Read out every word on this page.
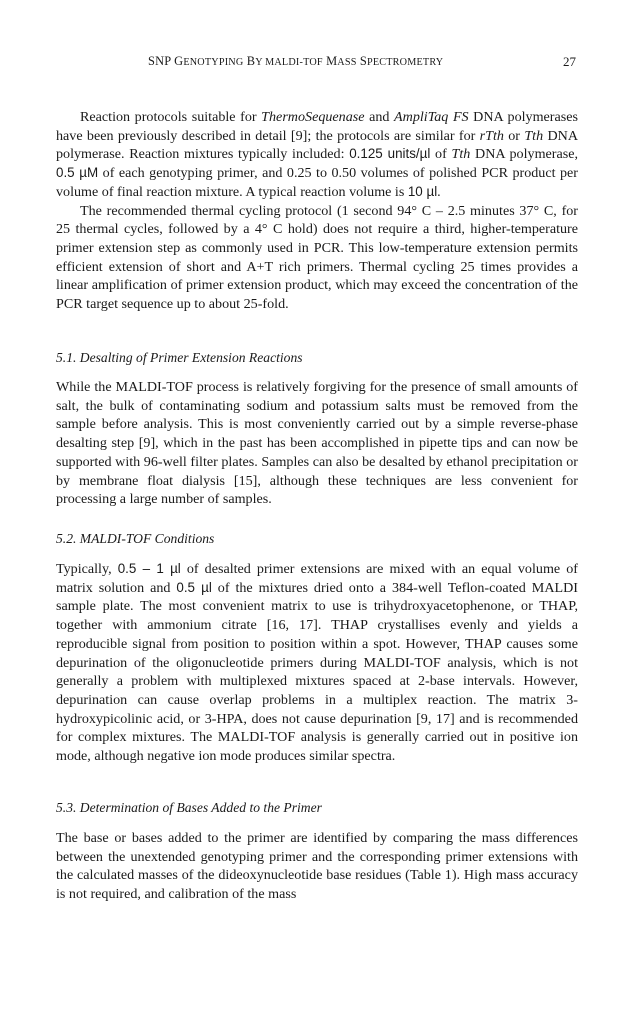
SNP GENOTYPING BY MALDI-TOF MASS SPECTROMETRY	27

Reaction protocols suitable for ThermoSequenase and AmpliTaq FS DNA polymerases have been previously described in detail [9]; the protocols are similar for rTth or Tth DNA polymerase. Reaction mixtures typically included: 0.125 units/µl of Tth DNA polymerase, 0.5 µM of each genotyping primer, and 0.25 to 0.50 volumes of polished PCR product per volume of final reaction mixture. A typical reaction volume is 10 µl.

The recommended thermal cycling protocol (1 second 94° C – 2.5 minutes 37° C, for 25 thermal cycles, followed by a 4° C hold) does not require a third, higher-temperature primer extension step as commonly used in PCR. This low-temperature extension permits efficient extension of short and A+T rich primers. Thermal cycling 25 times provides a linear amplification of primer extension product, which may exceed the concentration of the PCR target sequence up to about 25-fold.

5.1. Desalting of Primer Extension Reactions

While the MALDI-TOF process is relatively forgiving for the presence of small amounts of salt, the bulk of contaminating sodium and potassium salts must be removed from the sample before analysis. This is most conveniently carried out by a simple reverse-phase desalting step [9], which in the past has been accomplished in pipette tips and can now be supported with 96-well filter plates. Samples can also be desalted by ethanol precipitation or by membrane float dialysis [15], although these techniques are less convenient for processing a large number of samples.

5.2. MALDI-TOF Conditions

Typically, 0.5 – 1 µl of desalted primer extensions are mixed with an equal volume of matrix solution and 0.5 µl of the mixtures dried onto a 384-well Teflon-coated MALDI sample plate. The most convenient matrix to use is trihydroxyacetophenone, or THAP, together with ammonium citrate [16, 17]. THAP crystallises evenly and yields a reproducible signal from position to position within a spot. However, THAP causes some depurination of the oligonucleotide primers during MALDI-TOF analysis, which is not generally a problem with multiplexed mixtures spaced at 2-base intervals. However, depurination can cause overlap problems in a multiplex reaction. The matrix 3-hydroxypicolinic acid, or 3-HPA, does not cause depurination [9, 17] and is recommended for complex mixtures. The MALDI-TOF analysis is generally carried out in positive ion mode, although negative ion mode produces similar spectra.

5.3. Determination of Bases Added to the Primer

The base or bases added to the primer are identified by comparing the mass differences between the unextended genotyping primer and the corresponding primer extensions with the calculated masses of the dideoxynucleotide base residues (Table 1). High mass accuracy is not required, and calibration of the mass
